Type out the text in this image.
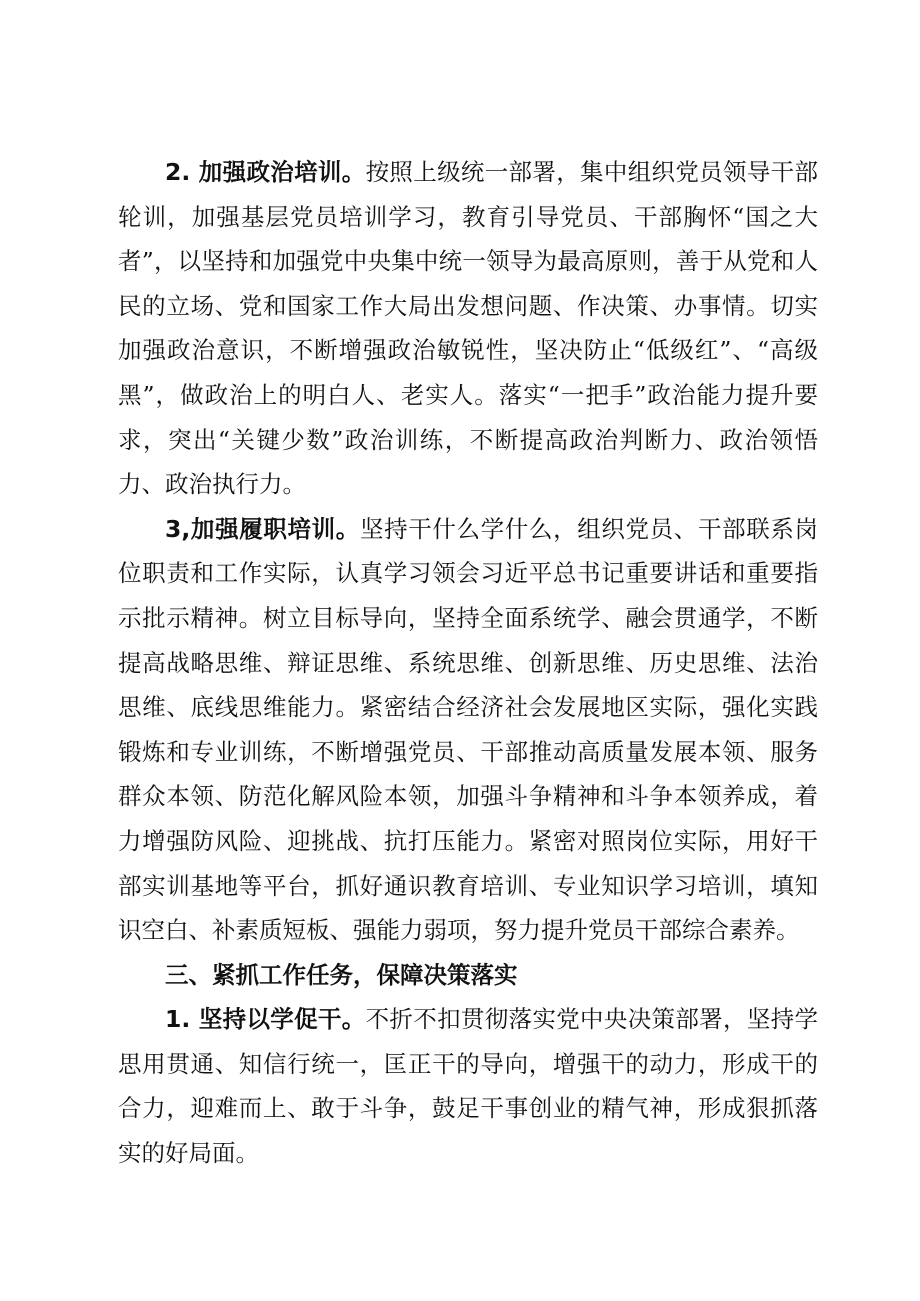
2. 加强政治培训。按照上级统一部署，集中组织党员领导干部轮训，加强基层党员培训学习，教育引导党员、干部胸怀“国之大者”，以坚持和加强党中央集中统一领导为最高原则，善于从党和人民的立场、党和国家工作大局出发想问题、作决策、办事情。切实加强政治意识，不断增强政治敏锐性，坚决防止“低级红”、“高级黑”，做政治上的明白人、老实人。落实“一把手”政治能力提升要求，突出“关键少数”政治训练，不断提高政治判断力、政治领悟力、政治执行力。

3,加强履职培训。坚持干什么学什么，组织党员、干部联系岗位职责和工作实际，认真学习领会习近平总书记重要讲话和重要指示批示精神。树立目标导向，坚持全面系统学、融会贯通学，不断提高战略思维、辩证思维、系统思维、创新思维、历史思维、法治思维、底线思维能力。紧密结合经济社会发展地区实际，强化实践锻炼和专业训练，不断增强党员、干部推动高质量发展本领、服务群众本领、防范化解风险本领，加强斗争精神和斗争本领养成，着力增强防风险、迎挑战、抗打压能力。紧密对照岗位实际，用好干部实训基地等平台，抓好通识教育培训、专业知识学习培训，填知识空白、补素质短板、强能力弱项，努力提升党员干部综合素养。

三、紧抓工作任务，保障决策落实

1. 坚持以学促干。不折不扣贯彻落实党中央决策部署，坚持学思用贯通、知信行统一，匡正干的导向，增强干的动力，形成干的合力，迎难而上、敢于斗争，鼓足干事创业的精气神，形成狠抓落实的好局面。
